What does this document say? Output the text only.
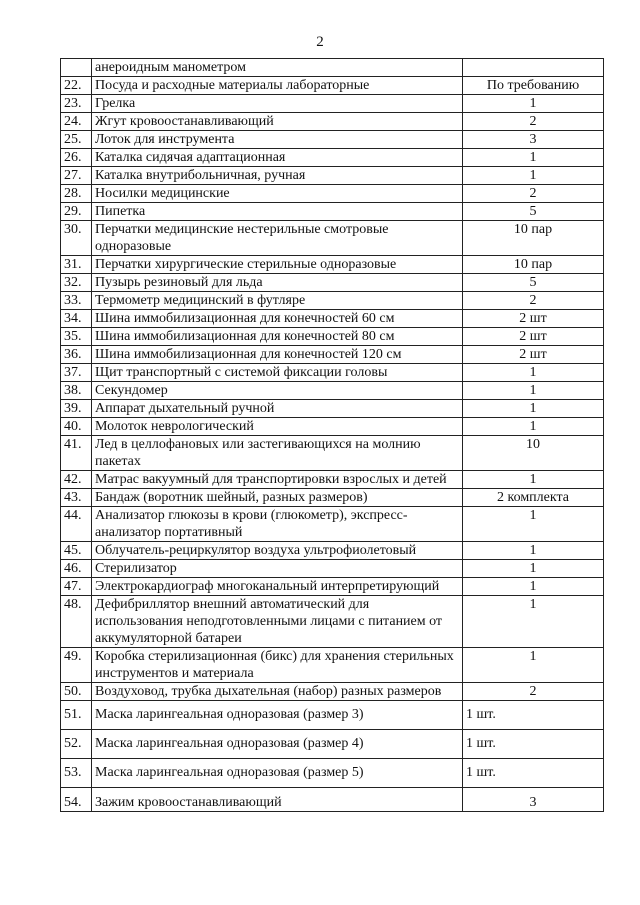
2
	анероидным манометром	
22.	Посуда и расходные материалы лабораторные	По требованию
23.	Грелка	1
24.	Жгут кровоостанавливающий	2
25.	Лоток для инструмента	3
26.	Каталка сидячая адаптационная	1
27.	Каталка внутрибольничная, ручная	1
28.	Носилки медицинские	2
29.	Пипетка	5
30.	Перчатки медицинские нестерильные смотровые одноразовые	10 пар
31.	Перчатки хирургические стерильные одноразовые	10 пар
32.	Пузырь резиновый для льда	5
33.	Термометр медицинский в футляре	2
34.	Шина иммобилизационная для конечностей 60 см	2 шт
35.	Шина иммобилизационная для конечностей 80 см	2 шт
36.	Шина иммобилизационная для конечностей 120 см	2 шт
37.	Щит транспортный с системой фиксации головы	1
38.	Секундомер	1
39.	Аппарат дыхательный ручной	1
40.	Молоток неврологический	1
41.	Лед в целлофановых или застегивающихся на молнию пакетах	10
42.	Матрас вакуумный для транспортировки взрослых и детей	1
43.	Бандаж (воротник шейный, разных размеров)	2 комплекта
44.	Анализатор глюкозы в крови (глюкометр), экспресс-анализатор портативный	1
45.	Облучатель-рециркулятор воздуха ультрофиолетовый	1
46.	Стерилизатор	1
47.	Электрокардиограф многоканальный интерпретирующий	1
48.	Дефибриллятор внешний автоматический для использования неподготовленными лицами с питанием от аккумуляторной батареи	1
49.	Коробка стерилизационная (бикс) для хранения стерильных инструментов и материала	1
50.	Воздуховод, трубка дыхательная (набор) разных размеров	2
51.	Маска ларингеальная одноразовая (размер 3)	1 шт.
52.	Маска ларингеальная одноразовая (размер 4)	1 шт.
53.	Маска ларингеальная одноразовая (размер 5)	1 шт.
54.	Зажим кровоостанавливающий	3
